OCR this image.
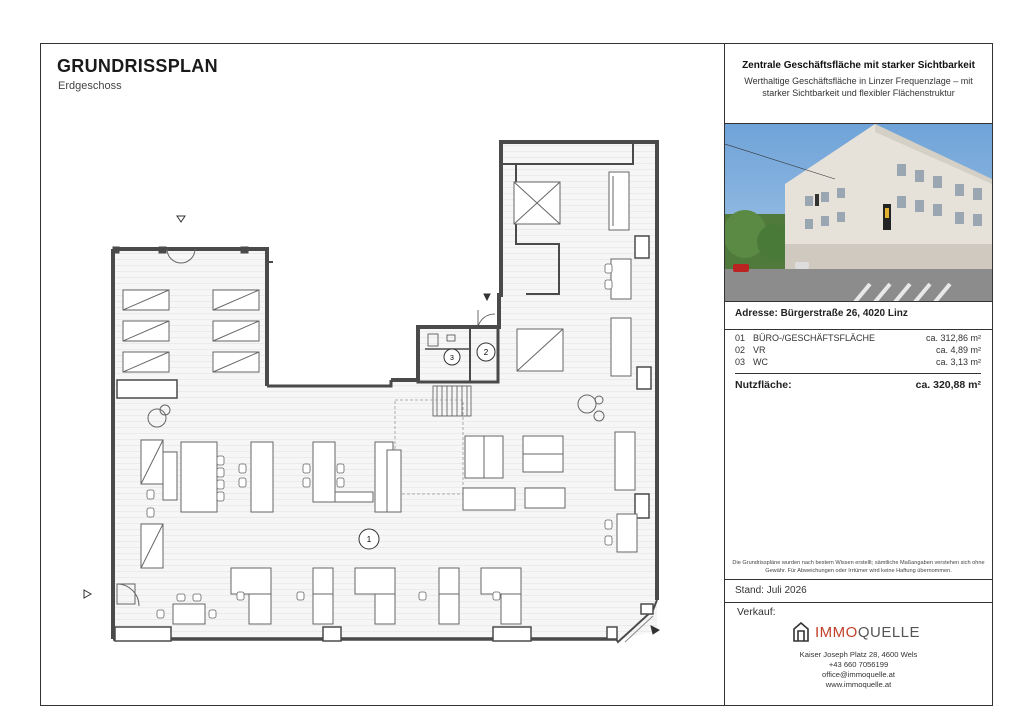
1
2
3
GRUNDRISSPLAN
Erdgeschoss
Zentrale Geschäftsfläche mit starker Sichtbarkeit
Werthaltige Geschäftsfläche in Linzer Frequenzlage – mit starker Sichtbarkeit und flexibler Flächenstruktur
Adresse: Bürgerstraße 26, 4020 Linz
01 BÜRO-/GESCHÄFTSFLÄCHE	ca. 312,86 m²
02 VR	ca. 4,89 m²
03 WC	ca. 3,13 m²
Nutzfläche:	ca. 320,88 m²
Die Grundrisspläne wurden nach bestem Wissen erstellt; sämtliche Maßangaben verstehen sich ohne Gewähr. Für Abweichungen oder Irrtümer wird keine Haftung übernommen.
Stand: Juli 2026
Verkauf:
IMMOQUELLE
Kaiser Joseph Platz 28, 4600 Wels
+43 660 7056199
office@immoquelle.at
www.immoquelle.at
